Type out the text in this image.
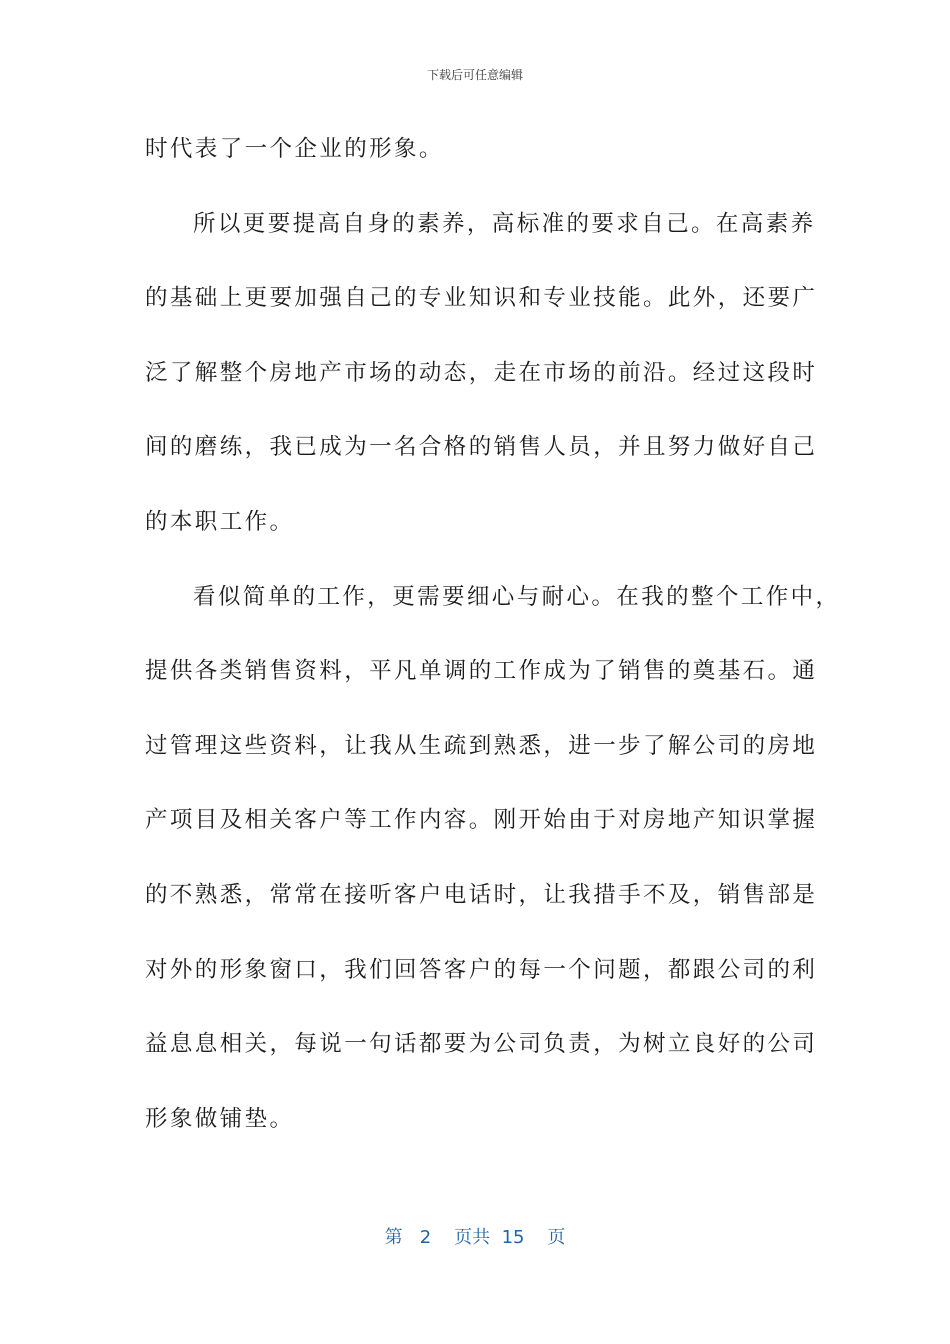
下载后可任意编辑
时代表了一个企业的形象。
所以更要提高自身的素养，高标准的要求自己。在高素养
的基础上更要加强自己的专业知识和专业技能。此外，还要广
泛了解整个房地产市场的动态，走在市场的前沿。经过这段时
间的磨练，我已成为一名合格的销售人员，并且努力做好自己
的本职工作。
看似简单的工作，更需要细心与耐心。在我的整个工作中，
提供各类销售资料，平凡单调的工作成为了销售的奠基石。通
过管理这些资料，让我从生疏到熟悉，进一步了解公司的房地
产项目及相关客户等工作内容。刚开始由于对房地产知识掌握
的不熟悉，常常在接听客户电话时，让我措手不及，销售部是
对外的形象窗口，我们回答客户的每一个问题，都跟公司的利
益息息相关，每说一句话都要为公司负责，为树立良好的公司
形象做铺垫。
第 2 页共 15 页
